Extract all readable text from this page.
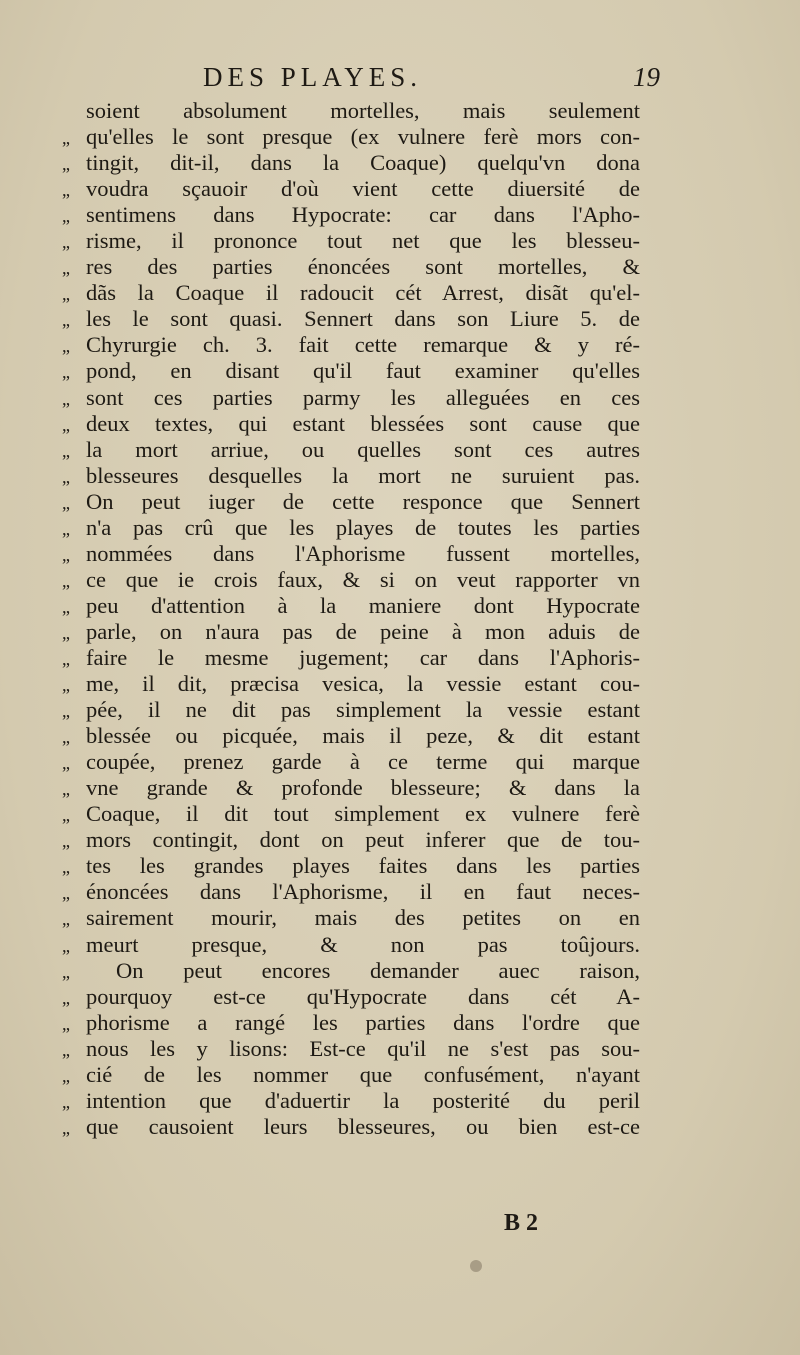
DES PLAYES.	19
soient absolument mortelles, mais seulement
„ qu'elles le sont presque (ex vulnere ferè mors con-
„ tingit, dit-il, dans la Coaque) quelqu'vn dona
„ voudra sçauoir d'où vient cette diuersité de
„ sentimens dans Hypocrate: car dans l'Apho-
„ risme, il prononce tout net que les blesseu-
„ res des parties énoncées sont mortelles, &
„ dãs la Coaque il radoucit cét Arrest, disãt qu'el-
„ les le sont quasi. Sennert dans son Liure 5. de
„ Chyrurgie ch. 3. fait cette remarque & y ré-
„ pond, en disant qu'il faut examiner qu'elles
„ sont ces parties parmy les alleguées en ces
„ deux textes, qui estant blessées sont cause que
„ la mort arriue, ou quelles sont ces autres
„ blesseures desquelles la mort ne suruient pas.
„ On peut iuger de cette responce que Sennert
„ n'a pas crû que les playes de toutes les parties
„ nommées dans l'Aphorisme fussent mortelles,
„ ce que ie crois faux, & si on veut rapporter vn
„ peu d'attention à la maniere dont Hypocrate
„ parle, on n'aura pas de peine à mon aduis de
„ faire le mesme jugement; car dans l'Aphoris-
„ me, il dit, præcisa vesica, la vessie estant cou-
„ pée, il ne dit pas simplement la vessie estant
„ blessée ou picquée, mais il peze, & dit estant
„ coupée, prenez garde à ce terme qui marque
„ vne grande & profonde blesseure; & dans la
„ Coaque, il dit tout simplement ex vulnere ferè
„ mors contingit, dont on peut inferer que de tou-
„ tes les grandes playes faites dans les parties
„ énoncées dans l'Aphorisme, il en faut neces-
„ sairement mourir, mais des petites on en
„ meurt presque, & non pas toûjours.
„	On peut encores demander auec raison,
„ pourquoy est-ce qu'Hypocrate dans cét A-
„ phorisme a rangé les parties dans l'ordre que
„ nous les y lisons: Est-ce qu'il ne s'est pas sou-
„ cié de les nommer que confusément, n'ayant
„ intention que d'aduertir la posterité du peril
„ que causoient leurs blesseures, ou bien est-ce
B 2
